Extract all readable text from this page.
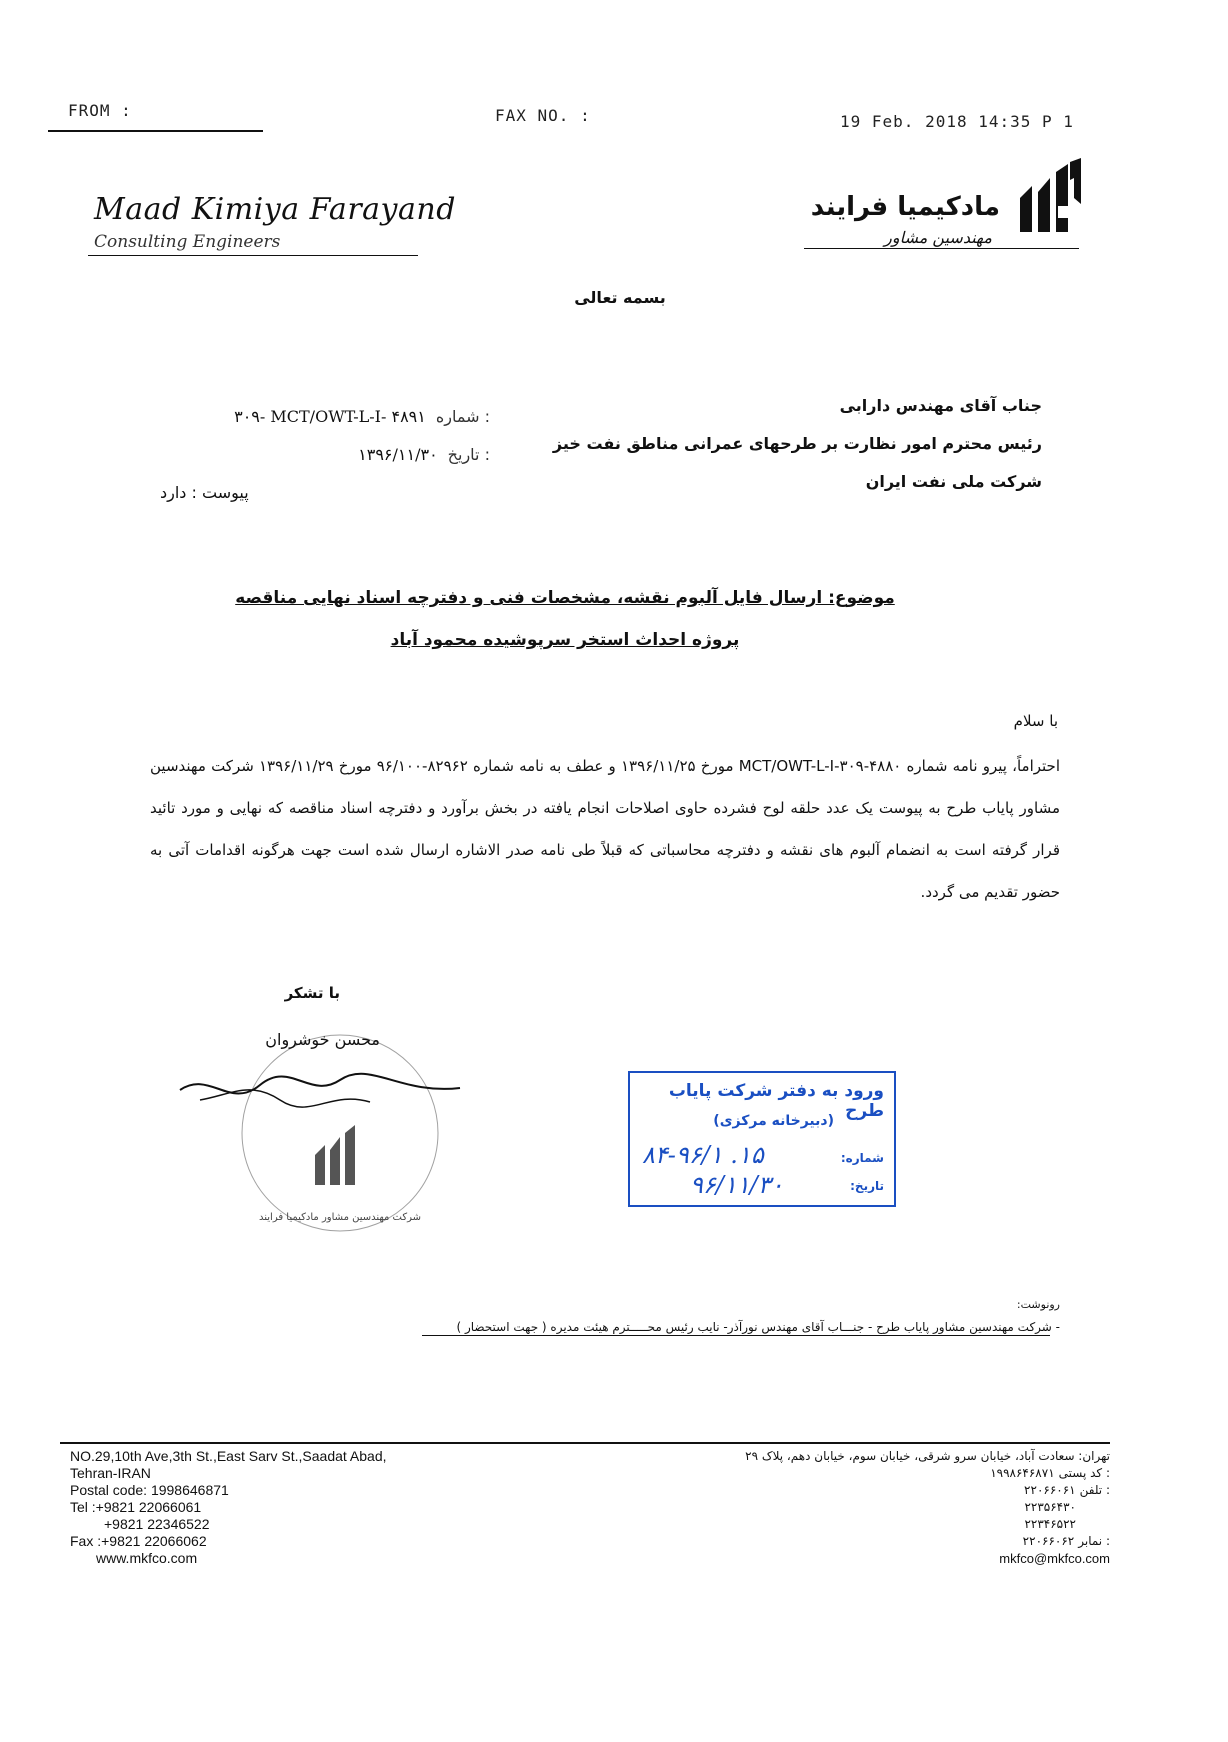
FROM :	FAX NO. :	19 Feb. 2018 14:35 P 1
Maad Kimiya Farayand
Consulting Engineers
مادکیمیا فرایند
مهندسین مشاور
بسمه تعالی
جناب آقای مهندس دارابی
رئیس محترم امور نظارت بر طرحهای عمرانی مناطق نفت خیز
شرکت ملی نفت ایران
۳۰۹- MCT/OWT-L-I- ۴۸۹۱ شماره :
۱۳۹۶/۱۱/۳۰ تاریخ :
پیوست : دارد
موضوع: ارسال فایل آلبوم نقشه، مشخصات فنی و دفترچه اسناد نهایی مناقصه
پروژه احداث استخر سرپوشیده محمود آباد
با سلام
احتراماً، پیرو نامه شماره ۴۸۸۰-MCT/OWT-L-I-۳۰۹ مورخ ۱۳۹۶/۱۱/۲۵ و عطف به نامه شماره ۸۲۹۶۲-۹۶/۱۰۰ مورخ ۱۳۹۶/۱۱/۲۹ شرکت مهندسین مشاور پایاب طرح به پیوست یک عدد حلقه لوح فشرده حاوی اصلاحات انجام یافته در بخش برآورد و دفترچه اسناد مناقصه که نهایی و مورد تائید قرار گرفته است به انضمام آلبوم های نقشه و دفترچه محاسباتی که قبلاً طی نامه صدر الاشاره ارسال شده است جهت هرگونه اقدامات آتی به حضور تقدیم می گردد.
با تشکر
شرکت مهندسین مشاور مادکیمیا فرایند
محسن خوشروان
ورود به دفتر شرکت پایاب طرح
(دبیرخانه مرکزی)
شماره:
۱۵. ۸۴-۹۶/۱
تاریخ:
۹۶/۱۱/۳۰
رونوشت:
- شرکت مهندسین مشاور پایاب طرح - جنـــاب آقای مهندس نورآذر- نایب رئیس محـــــترم هیئت مدیره ( جهت استحضار )
NO.29,10th Ave,3th St.,East Sarv St.,Saadat Abad,
Tehran-IRAN
Postal code: 1998646871
Tel :+9821 22066061
+9821 22346522
Fax :+9821 22066062
www.mkfco.com
تهران: سعادت آباد، خیابان سرو شرقی، خیابان سوم، خیابان دهم، پلاک ۲۹
۱۹۹۸۶۴۶۸۷۱ کد پستی :
۲۲۰۶۶۰۶۱ تلفن :
۲۲۳۵۶۴۳۰
۲۲۳۴۶۵۲۲
۲۲۰۶۶۰۶۲ نمابر :
mkfco@mkfco.com
